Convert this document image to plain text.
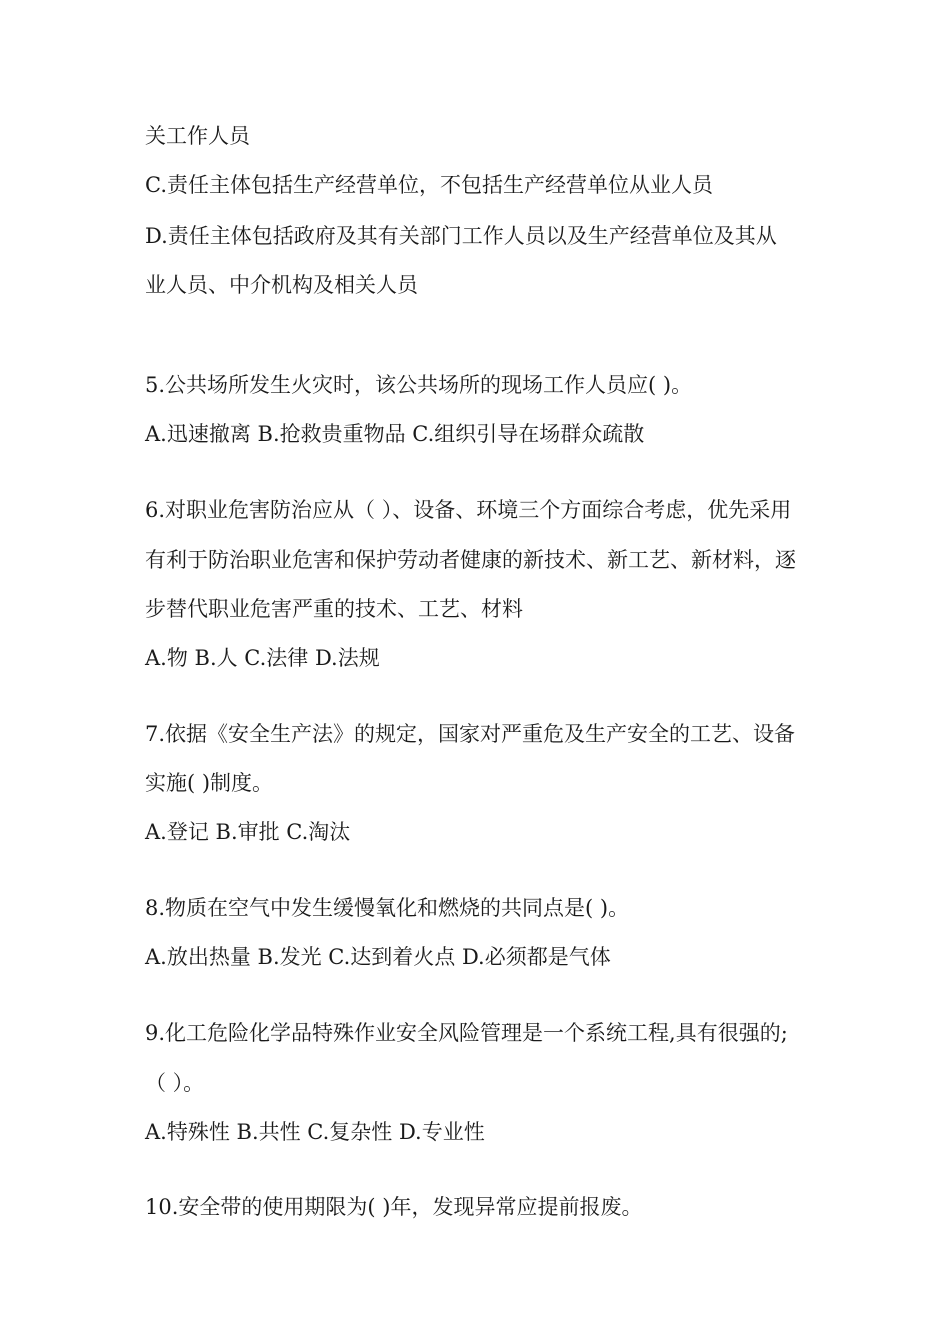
关工作人员
C.责任主体包括生产经营单位，不包括生产经营单位从业人员
D.责任主体包括政府及其有关部门工作人员以及生产经营单位及其从
业人员、中介机构及相关人员
5.公共场所发生火灾时，该公共场所的现场工作人员应( )。
A.迅速撤离 B.抢救贵重物品 C.组织引导在场群众疏散
6.对职业危害防治应从（ ）、设备、环境三个方面综合考虑，优先采用
有利于防治职业危害和保护劳动者健康的新技术、新工艺、新材料，逐
步替代职业危害严重的技术、工艺、材料
A.物 B.人 C.法律 D.法规
7.依据《安全生产法》的规定，国家对严重危及生产安全的工艺、设备
实施( )制度。
A.登记 B.审批 C.淘汰
8.物质在空气中发生缓慢氧化和燃烧的共同点是( )。
A.放出热量 B.发光 C.达到着火点 D.必须都是气体
9.化工危险化学品特殊作业安全风险管理是一个系统工程,具有很强的;
（ ）。
A.特殊性 B.共性 C.复杂性 D.专业性
10.安全带的使用期限为( )年，发现异常应提前报废。
